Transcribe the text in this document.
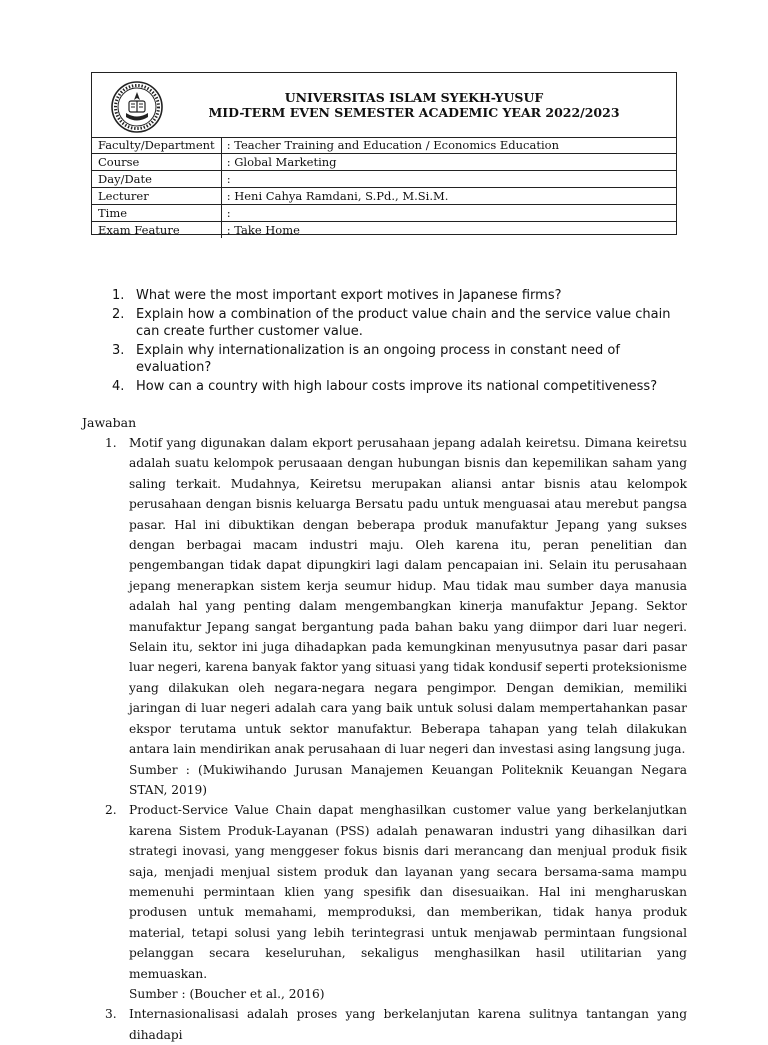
UNIVERSITAS ISLAM SYEKH-YUSUF
MID-TERM EVEN SEMESTER ACADEMIC YEAR 2022/2023
Faculty/Department	: Teacher Training and Education / Economics Education
Course	: Global Marketing
Day/Date	:
Lecturer	: Heni Cahya Ramdani, S.Pd., M.Si.M.
Time	:
Exam Feature	: Take Home
1. What were the most important export motives in Japanese firms?
2. Explain how a combination of the product value chain and the service value chain can create further customer value.
3. Explain why internationalization is an ongoing process in constant need of evaluation?
4. How can a country with high labour costs improve its national competitiveness?
Jawaban
1. Motif yang digunakan dalam ekport perusahaan jepang adalah keiretsu. Dimana keiretsu adalah suatu kelompok perusaaan dengan hubungan bisnis dan kepemilikan saham yang saling terkait. Mudahnya, Keiretsu merupakan aliansi antar bisnis atau kelompok perusahaan dengan bisnis keluarga Bersatu padu untuk menguasai atau merebut pangsa pasar. Hal ini dibuktikan dengan beberapa produk manufaktur Jepang yang sukses dengan berbagai macam industri maju. Oleh karena itu, peran penelitian dan pengembangan tidak dapat dipungkiri lagi dalam pencapaian ini. Selain itu perusahaan jepang menerapkan sistem kerja seumur hidup. Mau tidak mau sumber daya manusia adalah hal yang penting dalam mengembangkan kinerja manufaktur Jepang. Sektor manufaktur Jepang sangat bergantung pada bahan baku yang diimpor dari luar negeri. Selain itu, sektor ini juga dihadapkan pada kemungkinan menyusutnya pasar dari pasar luar negeri, karena banyak faktor yang situasi yang tidak kondusif seperti proteksionisme yang dilakukan oleh negara-negara negara pengimpor. Dengan demikian, memiliki jaringan di luar negeri adalah cara yang baik untuk solusi dalam mempertahankan pasar ekspor terutama untuk sektor manufaktur. Beberapa tahapan yang telah dilakukan antara lain mendirikan anak perusahaan di luar negeri dan investasi asing langsung juga.

Sumber : (Mukiwihando Jurusan Manajemen Keuangan Politeknik Keuangan Negara STAN, 2019)

2. Product-Service Value Chain dapat menghasilkan customer value yang berkelanjutkan karena Sistem Produk-Layanan (PSS) adalah penawaran industri yang dihasilkan dari strategi inovasi, yang menggeser fokus bisnis dari merancang dan menjual produk fisik saja, menjadi menjual sistem produk dan layanan yang secara bersama-sama mampu memenuhi permintaan klien yang spesifik dan disesuaikan. Hal ini mengharuskan produsen untuk memahami, memproduksi, dan memberikan, tidak hanya produk material, tetapi solusi yang lebih terintegrasi untuk menjawab permintaan fungsional pelanggan secara keseluruhan, sekaligus menghasilkan hasil utilitarian yang memuaskan.

Sumber : (Boucher et al., 2016)

3. Internasionalisasi adalah proses yang berkelanjutan karena sulitnya tantangan yang dihadapi
